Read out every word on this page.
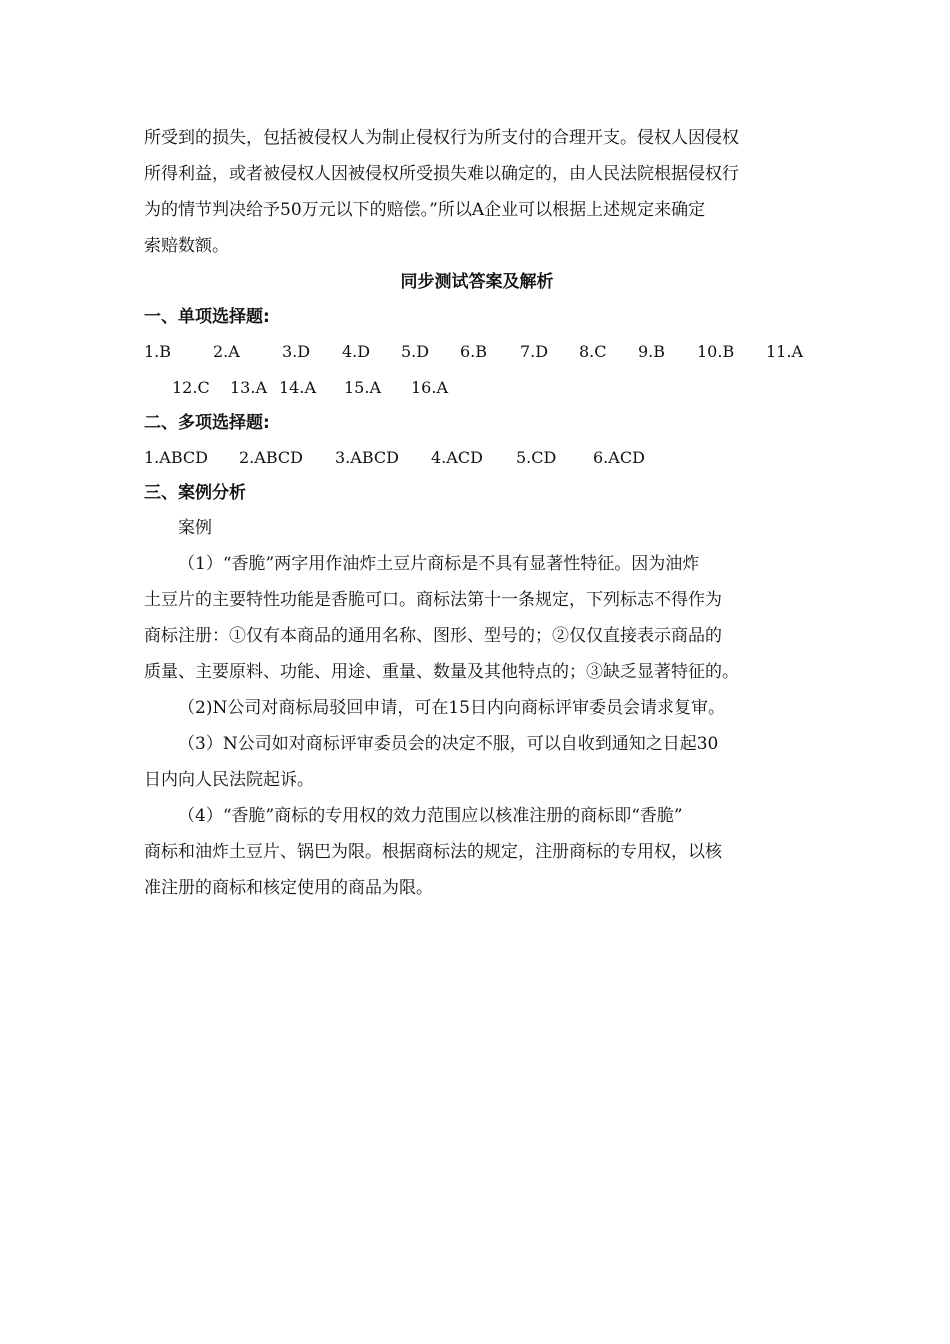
所受到的损失，包括被侵权人为制止侵权行为所支付的合理开支。侵权人因侵权

所得利益，或者被侵权人因被侵权所受损失难以确定的，由人民法院根据侵权行

为的情节判决给予50万元以下的赔偿。”所以A企业可以根据上述规定来确定

索赔数额。

同步测试答案及解析

一、单项选择题:

1.B	2.A	3.D 4.D 5.D 6.B 7.D 8.C 9.B 10.B 11.A
12.C 13.A 14.A 15.A 16.A

二、多项选择题:

1.ABCD 2.ABCD 3.ABCD 4.ACD 5.CD 6.ACD

三、案例分析

案例

（1）“香脆”两字用作油炸土豆片商标是不具有显著性特征。因为油炸

土豆片的主要特性功能是香脆可口。商标法第十一条规定，下列标志不得作为

商标注册：①仅有本商品的通用名称、图形、型号的；②仅仅直接表示商品的

质量、主要原料、功能、用途、重量、数量及其他特点的；③缺乏显著特征的。

（2)N公司对商标局驳回申请，可在15日内向商标评审委员会请求复审。

（3）N公司如对商标评审委员会的决定不服，可以自收到通知之日起30

日内向人民法院起诉。

（4）“香脆”商标的专用权的效力范围应以核准注册的商标即“香脆”

商标和油炸土豆片、锅巴为限。根据商标法的规定，注册商标的专用权，以核

准注册的商标和核定使用的商品为限。
